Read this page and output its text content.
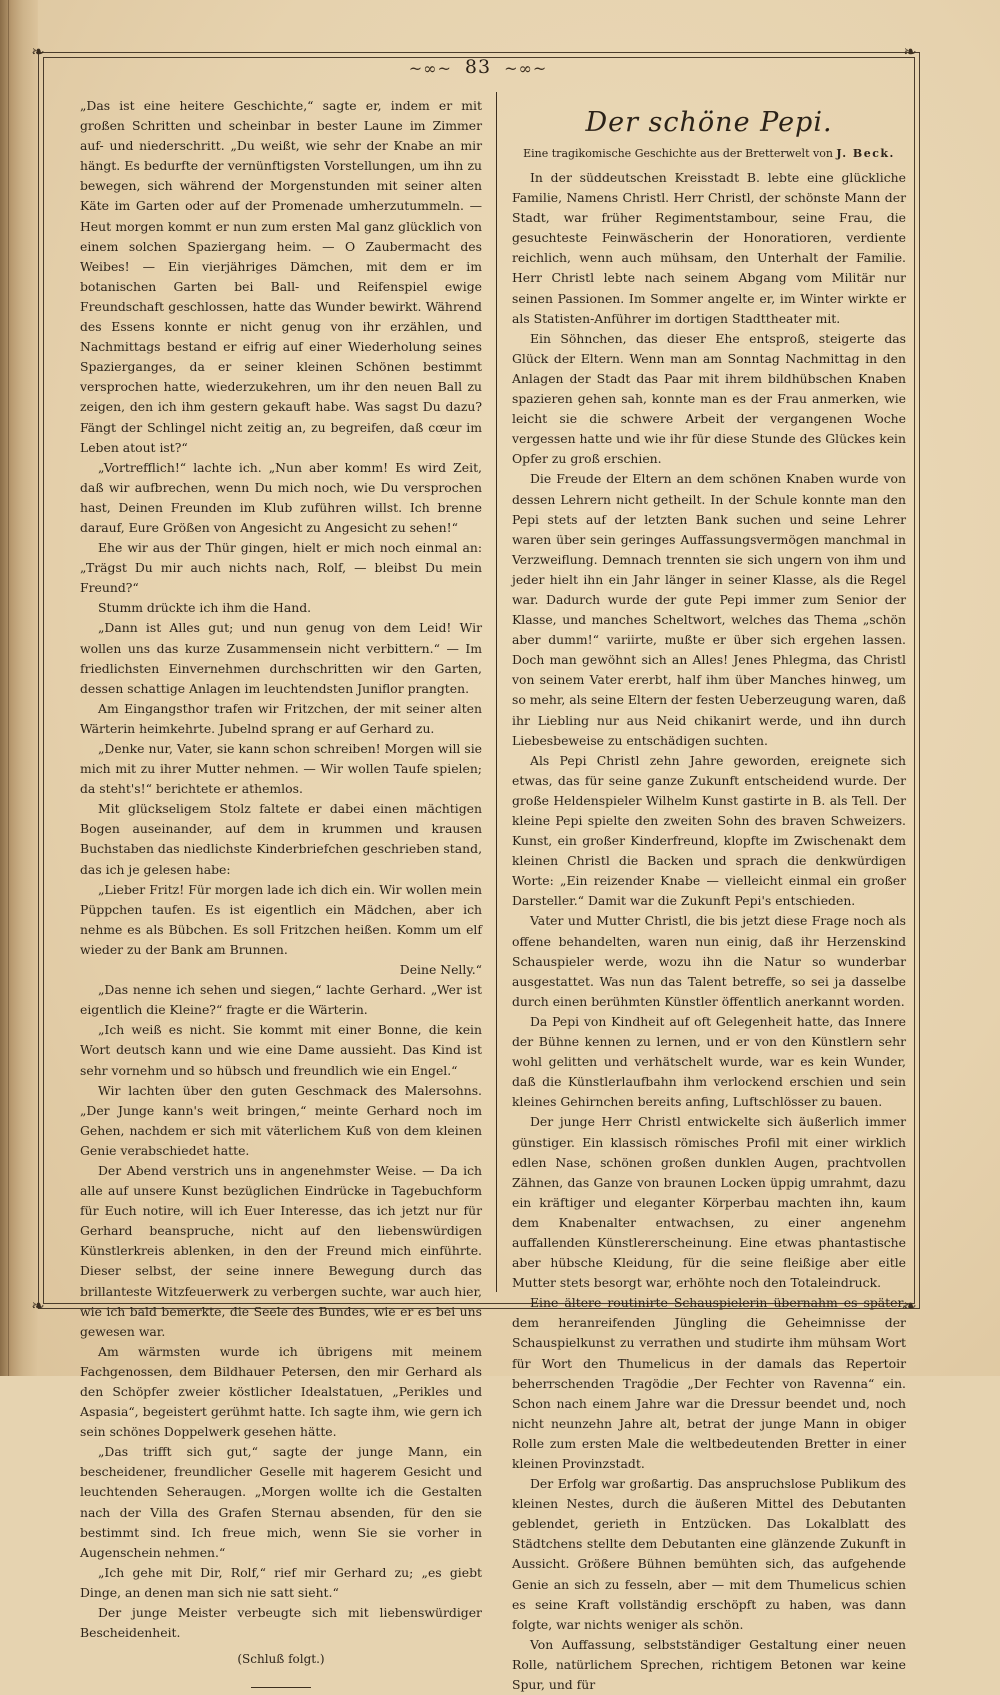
❧	❧
❧	❧
~∞~ 83 ~∞~

„Das ist eine heitere Geschichte,“ sagte er, indem er mit großen Schritten und scheinbar in bester Laune im Zimmer auf- und niederschritt. „Du weißt, wie sehr der Knabe an mir hängt. Es bedurfte der vernünftigsten Vorstellungen, um ihn zu bewegen, sich während der Morgenstunden mit seiner alten Käte im Garten oder auf der Promenade umherzutummeln. — Heut morgen kommt er nun zum ersten Mal ganz glücklich von einem solchen Spaziergang heim. — O Zaubermacht des Weibes! — Ein vierjähriges Dämchen, mit dem er im botanischen Garten bei Ball- und Reifenspiel ewige Freundschaft geschlossen, hatte das Wunder bewirkt. Während des Essens konnte er nicht genug von ihr erzählen, und Nachmittags bestand er eifrig auf einer Wiederholung seines Spazierganges, da er seiner kleinen Schönen bestimmt versprochen hatte, wiederzukehren, um ihr den neuen Ball zu zeigen, den ich ihm gestern gekauft habe. Was sagst Du dazu? Fängt der Schlingel nicht zeitig an, zu begreifen, daß cœur im Leben atout ist?“

„Vortrefflich!“ lachte ich. „Nun aber komm! Es wird Zeit, daß wir aufbrechen, wenn Du mich noch, wie Du versprochen hast, Deinen Freunden im Klub zuführen willst. Ich brenne darauf, Eure Größen von Angesicht zu Angesicht zu sehen!“

Ehe wir aus der Thür gingen, hielt er mich noch einmal an: „Trägst Du mir auch nichts nach, Rolf, — bleibst Du mein Freund?“

Stumm drückte ich ihm die Hand.

„Dann ist Alles gut; und nun genug von dem Leid! Wir wollen uns das kurze Zusammensein nicht verbittern.“ — Im friedlichsten Einvernehmen durchschritten wir den Garten, dessen schattige Anlagen im leuchtendsten Juniflor prangten.

Am Eingangsthor trafen wir Fritzchen, der mit seiner alten Wärterin heimkehrte. Jubelnd sprang er auf Gerhard zu.

„Denke nur, Vater, sie kann schon schreiben! Morgen will sie mich mit zu ihrer Mutter nehmen. — Wir wollen Taufe spielen; da steht's!“ berichtete er athemlos.

Mit glückseligem Stolz faltete er dabei einen mächtigen Bogen auseinander, auf dem in krummen und krausen Buchstaben das niedlichste Kinderbriefchen geschrieben stand, das ich je gelesen habe:

„Lieber Fritz! Für morgen lade ich dich ein. Wir wollen mein Püppchen taufen. Es ist eigentlich ein Mädchen, aber ich nehme es als Bübchen. Es soll Fritzchen heißen. Komm um elf wieder zu der Bank am Brunnen.

Deine Nelly.“

„Das nenne ich sehen und siegen,“ lachte Gerhard. „Wer ist eigentlich die Kleine?“ fragte er die Wärterin.

„Ich weiß es nicht. Sie kommt mit einer Bonne, die kein Wort deutsch kann und wie eine Dame aussieht. Das Kind ist sehr vornehm und so hübsch und freundlich wie ein Engel.“

Wir lachten über den guten Geschmack des Malersohns. „Der Junge kann's weit bringen,“ meinte Gerhard noch im Gehen, nachdem er sich mit väterlichem Kuß von dem kleinen Genie verabschiedet hatte.

Der Abend verstrich uns in angenehmster Weise. — Da ich alle auf unsere Kunst bezüglichen Eindrücke in Tagebuchform für Euch notire, will ich Euer Interesse, das ich jetzt nur für Gerhard beanspruche, nicht auf den liebenswürdigen Künstlerkreis ablenken, in den der Freund mich einführte. Dieser selbst, der seine innere Bewegung durch das brillanteste Witzfeuerwerk zu verbergen suchte, war auch hier, wie ich bald bemerkte, die Seele des Bundes, wie er es bei uns gewesen war.

Am wärmsten wurde ich übrigens mit meinem Fachgenossen, dem Bildhauer Petersen, den mir Gerhard als den Schöpfer zweier köstlicher Idealstatuen, „Perikles und Aspasia“, begeistert gerühmt hatte. Ich sagte ihm, wie gern ich sein schönes Doppelwerk gesehen hätte.

„Das trifft sich gut,“ sagte der junge Mann, ein bescheidener, freundlicher Geselle mit hagerem Gesicht und leuchtenden Seheraugen. „Morgen wollte ich die Gestalten nach der Villa des Grafen Sternau absenden, für den sie bestimmt sind. Ich freue mich, wenn Sie sie vorher in Augenschein nehmen.“

„Ich gehe mit Dir, Rolf,“ rief mir Gerhard zu; „es giebt Dinge, an denen man sich nie satt sieht.“

Der junge Meister verbeugte sich mit liebenswürdiger Bescheidenheit.

(Schluß folgt.)
Der schöne Pepi.
Eine tragikomische Geschichte aus der Bretterwelt von J. Beck.

In der süddeutschen Kreisstadt B. lebte eine glückliche Familie, Namens Christl. Herr Christl, der schönste Mann der Stadt, war früher Regimentstambour, seine Frau, die gesuchteste Feinwäscherin der Honoratioren, verdiente reichlich, wenn auch mühsam, den Unterhalt der Familie. Herr Christl lebte nach seinem Abgang vom Militär nur seinen Passionen. Im Sommer angelte er, im Winter wirkte er als Statisten-Anführer im dortigen Stadttheater mit.

Ein Söhnchen, das dieser Ehe entsproß, steigerte das Glück der Eltern. Wenn man am Sonntag Nachmittag in den Anlagen der Stadt das Paar mit ihrem bildhübschen Knaben spazieren gehen sah, konnte man es der Frau anmerken, wie leicht sie die schwere Arbeit der vergangenen Woche vergessen hatte und wie ihr für diese Stunde des Glückes kein Opfer zu groß erschien.

Die Freude der Eltern an dem schönen Knaben wurde von dessen Lehrern nicht getheilt. In der Schule konnte man den Pepi stets auf der letzten Bank suchen und seine Lehrer waren über sein geringes Auffassungsvermögen manchmal in Verzweiflung. Demnach trennten sie sich ungern von ihm und jeder hielt ihn ein Jahr länger in seiner Klasse, als die Regel war. Dadurch wurde der gute Pepi immer zum Senior der Klasse, und manches Scheltwort, welches das Thema „schön aber dumm!“ variirte, mußte er über sich ergehen lassen. Doch man gewöhnt sich an Alles! Jenes Phlegma, das Christl von seinem Vater ererbt, half ihm über Manches hinweg, um so mehr, als seine Eltern der festen Ueberzeugung waren, daß ihr Liebling nur aus Neid chikanirt werde, und ihn durch Liebesbeweise zu entschädigen suchten.

Als Pepi Christl zehn Jahre geworden, ereignete sich etwas, das für seine ganze Zukunft entscheidend wurde. Der große Heldenspieler Wilhelm Kunst gastirte in B. als Tell. Der kleine Pepi spielte den zweiten Sohn des braven Schweizers. Kunst, ein großer Kinderfreund, klopfte im Zwischenakt dem kleinen Christl die Backen und sprach die denkwürdigen Worte: „Ein reizender Knabe — vielleicht einmal ein großer Darsteller.“ Damit war die Zukunft Pepi's entschieden.

Vater und Mutter Christl, die bis jetzt diese Frage noch als offene behandelten, waren nun einig, daß ihr Herzenskind Schauspieler werde, wozu ihn die Natur so wunderbar ausgestattet. Was nun das Talent betreffe, so sei ja dasselbe durch einen berühmten Künstler öffentlich anerkannt worden.

Da Pepi von Kindheit auf oft Gelegenheit hatte, das Innere der Bühne kennen zu lernen, und er von den Künstlern sehr wohl gelitten und verhätschelt wurde, war es kein Wunder, daß die Künstlerlaufbahn ihm verlockend erschien und sein kleines Gehirnchen bereits anfing, Luftschlösser zu bauen.

Der junge Herr Christl entwickelte sich äußerlich immer günstiger. Ein klassisch römisches Profil mit einer wirklich edlen Nase, schönen großen dunklen Augen, prachtvollen Zähnen, das Ganze von braunen Locken üppig umrahmt, dazu ein kräftiger und eleganter Körperbau machten ihn, kaum dem Knabenalter entwachsen, zu einer angenehm auffallenden Künstlererscheinung. Eine etwas phantastische aber hübsche Kleidung, für die seine fleißige aber eitle Mutter stets besorgt war, erhöhte noch den Totaleindruck.

Eine ältere routinirte Schauspielerin übernahm es später, dem heranreifenden Jüngling die Geheimnisse der Schauspielkunst zu verrathen und studirte ihm mühsam Wort für Wort den Thumelicus in der damals das Repertoir beherrschenden Tragödie „Der Fechter von Ravenna“ ein. Schon nach einem Jahre war die Dressur beendet und, noch nicht neunzehn Jahre alt, betrat der junge Mann in obiger Rolle zum ersten Male die weltbedeutenden Bretter in einer kleinen Provinzstadt.

Der Erfolg war großartig. Das anspruchslose Publikum des kleinen Nestes, durch die äußeren Mittel des Debutanten geblendet, gerieth in Entzücken. Das Lokalblatt des Städtchens stellte dem Debutanten eine glänzende Zukunft in Aussicht. Größere Bühnen bemühten sich, das aufgehende Genie an sich zu fesseln, aber — mit dem Thumelicus schien es seine Kraft vollständig erschöpft zu haben, was dann folgte, war nichts weniger als schön.

Von Auffassung, selbstständiger Gestaltung einer neuen Rolle, natürlichem Sprechen, richtigem Betonen war keine Spur, und für
